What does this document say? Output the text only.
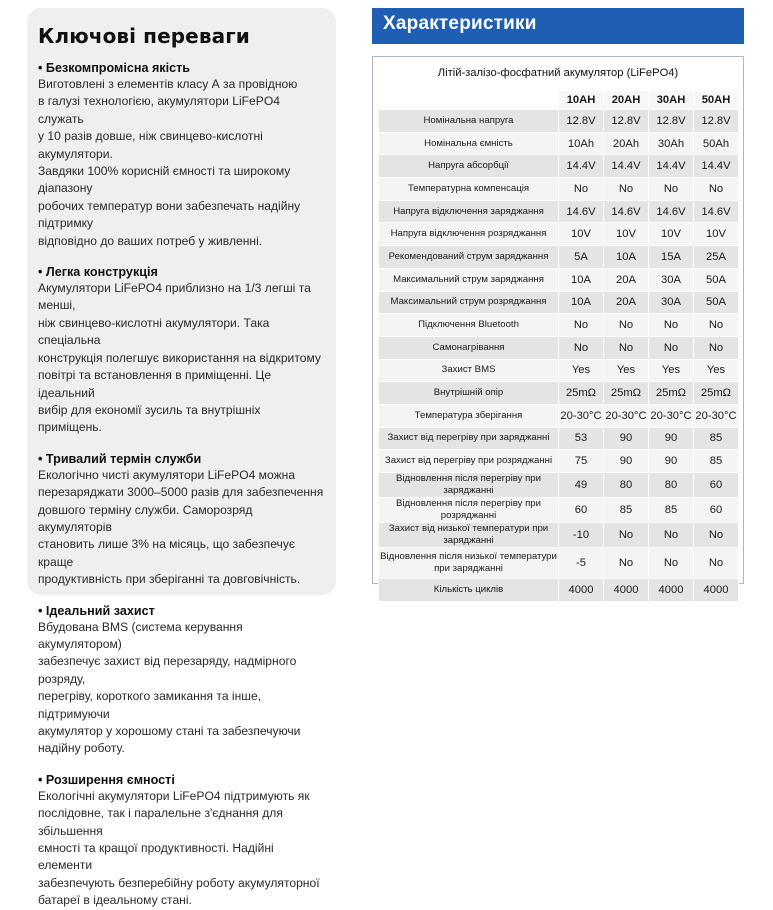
Ключові переваги
• Безкомпромісна якість
Виготовлені з елементів класу А за провідною
в галузі технологією, акумулятори LiFePO4 служать
у 10 разів довше, ніж свинцево-кислотні акумулятори.
Завдяки 100% корисній ємності та широкому діапазону
робочих температур вони забезпечать надійну підтримку
відповідно до ваших потреб у живленні.
• Легка конструкція
Акумулятори LiFePO4 приблизно на 1/3 легші та менші,
ніж свинцево-кислотні акумулятори. Така спеціальна
конструкція полегшує використання на відкритому
повітрі та встановлення в приміщенні. Це ідеальний
вибір для економії зусиль та внутрішніх приміщень.
• Тривалий термін служби
Екологічно чисті акумулятори LiFePO4 можна
перезаряджати 3000–5000 разів для забезпечення
довшого терміну служби. Саморозряд акумуляторів
становить лише 3% на місяць, що забезпечує краще
продуктивність при зберіганні та довговічність.
• Ідеальний захист
Вбудована BMS (система керування акумулятором)
забезпечує захист від перезаряду, надмірного розряду,
перегріву, короткого замикання та інше, підтримуючи
акумулятор у хорошому стані та забезпечуючи
надійну роботу.
• Розширення ємності
Екологічні акумулятори LiFePO4 підтримують як
послідовне, так і паралельне з'єднання для збільшення
ємності та кращої продуктивності. Надійні елементи
забезпечують безперебійну роботу акумуляторної
батареї в ідеальному стані.
Характеристики
Літій-залізо-фосфатний акумулятор (LiFePO4)
	10AH	20AH	30AH	50AH
Номінальна напруга	12.8V	12.8V	12.8V	12.8V
Номінальна ємність	10Ah	20Ah	30Ah	50Ah
Напруга абсорбції	14.4V	14.4V	14.4V	14.4V
Температурна компенсація	No	No	No	No
Напруга відключення заряджання	14.6V	14.6V	14.6V	14.6V
Напруга відключення розряджання	10V	10V	10V	10V
Рекомендований струм заряджання	5A	10A	15A	25A
Максимальний струм заряджання	10A	20A	30A	50A
Максимальний струм розряджання	10A	20A	30A	50A
Підключення Bluetooth	No	No	No	No
Самонагрівання	No	No	No	No
Захист BMS	Yes	Yes	Yes	Yes
Внутрішній опір	25mΩ	25mΩ	25mΩ	25mΩ
Температура зберігання	20-30°C	20-30°C	20-30°C	20-30°C
Захист від перегріву при заряджанні	53	90	90	85
Захист від перегріву при розряджанні	75	90	90	85
Відновлення після перегріву при заряджанні	49	80	80	60
Відновлення після перегріву при розряджанні	60	85	85	60
Захист від низької температури при заряджанні	-10	No	No	No
Відновлення після низької температури при заряджанні	-5	No	No	No
Кількість циклів	4000	4000	4000	4000
